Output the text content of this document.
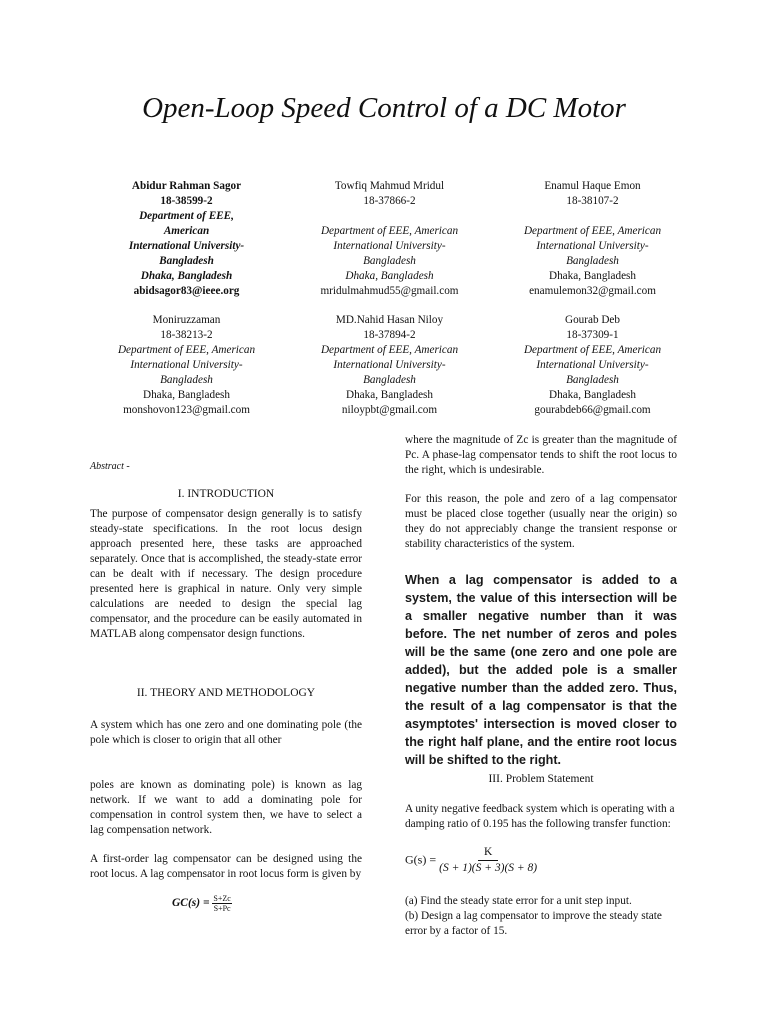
Open-Loop Speed Control of a DC Motor
Abidur Rahman Sagor
18-38599-2
Department of EEE,
American
International University-
Bangladesh
Dhaka, Bangladesh
abidsagor83@ieee.org
Towfiq Mahmud Mridul
18-37866-2
Department of EEE, American
International University-
Bangladesh
Dhaka, Bangladesh
mridulmahmud55@gmail.com
Enamul Haque Emon
18-38107-2
Department of EEE, American
International University-
Bangladesh
Dhaka, Bangladesh
enamulemon32@gmail.com
Moniruzzaman
18-38213-2
Department of EEE, American
International University-
Bangladesh
Dhaka, Bangladesh
monshovon123@gmail.com
MD.Nahid Hasan Niloy
18-37894-2
Department of EEE, American
International University-
Bangladesh
Dhaka, Bangladesh
niloypbt@gmail.com
Gourab Deb
18-37309-1
Department of EEE, American
International University-
Bangladesh
Dhaka, Bangladesh
gourabdeb66@gmail.com
Abstract -
I. INTRODUCTION
The purpose of compensator design generally is to satisfy steady-state specifications. In the root locus design approach presented here, these tasks are approached separately. Once that is accomplished, the steady-state error can be dealt with if necessary. The design procedure presented here is graphical in nature. Only very simple calculations are needed to design the special lag compensator, and the procedure can be easily automated in MATLAB along compensator design functions.
II. THEORY AND METHODOLOGY
A system which has one zero and one dominating pole (the pole which is closer to origin that all other
poles are known as dominating pole) is known as lag network. If we want to add a dominating pole for compensation in control system then, we have to select a lag compensation network.
A first-order lag compensator can be designed using the root locus. A lag compensator in root locus form is given by
$GC(s) = \frac{S+Zc}{S+Pc}$
where the magnitude of Zc is greater than the magnitude of Pc. A phase-lag compensator tends to shift the root locus to the right, which is undesirable.
For this reason, the pole and zero of a lag compensator must be placed close together (usually near the origin) so they do not appreciably change the transient response or stability characteristics of the system.
When a lag compensator is added to a system, the value of this intersection will be a smaller negative number than it was before. The net number of zeros and poles will be the same (one zero and one pole are added), but the added pole is a smaller negative number than the added zero. Thus, the result of a lag compensator is that the asymptotes' intersection is moved closer to the right half plane, and the entire root locus will be shifted to the right.
III. Problem Statement
A unity negative feedback system which is operating with a damping ratio of 0.195 has the following transfer function:
$G(s) = \frac{K}{(S + 1)(S + 3)(S + 8)}$
(a) Find the steady state error for a unit step input.
(b) Design a lag compensator to improve the steady state error by a factor of 15.
